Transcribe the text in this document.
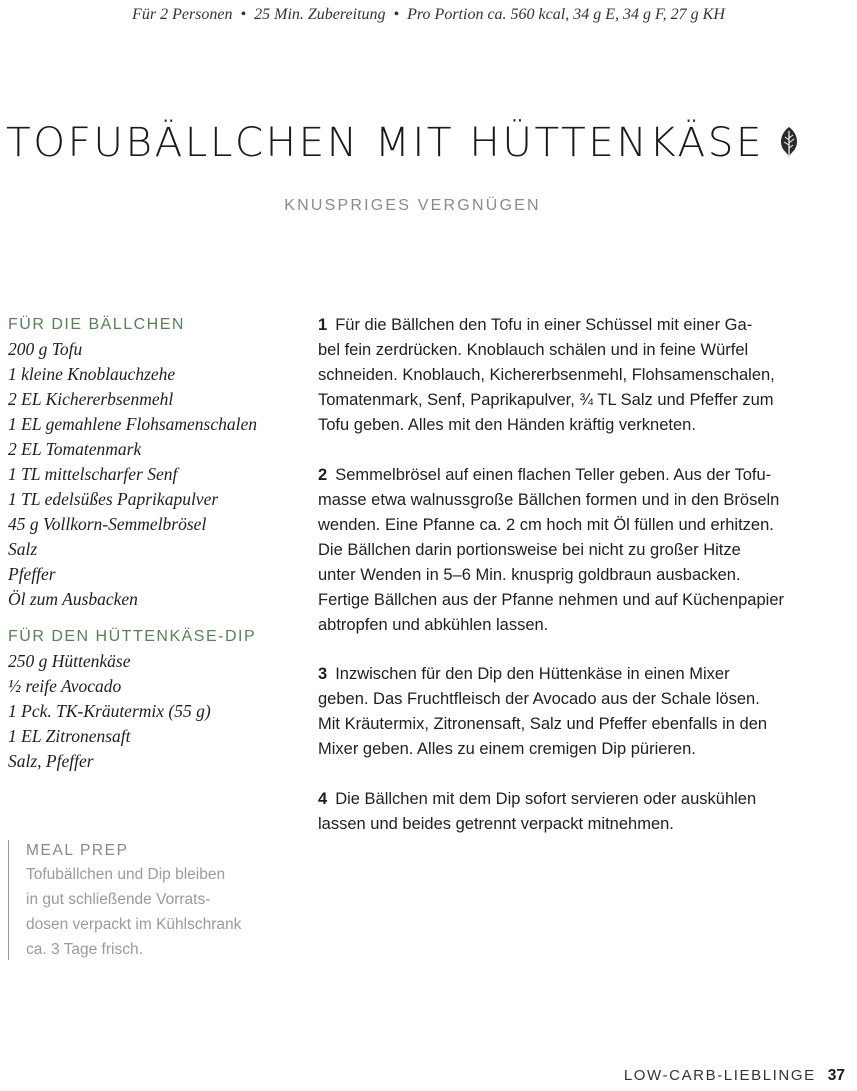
Für 2 Personen • 25 Min. Zubereitung • Pro Portion ca. 560 kcal, 34 g E, 34 g F, 27 g KH
TOFUBÄLLCHEN MIT HÜTTENKÄSE
KNUSPRIGES VERGNÜGEN
FÜR DIE BÄLLCHEN
200 g Tofu
1 kleine Knoblauchzehe
2 EL Kichererbsenmehl
1 EL gemahlene Flohsamenschalen
2 EL Tomatenmark
1 TL mittelscharfer Senf
1 TL edelsüßes Paprikapulver
45 g Vollkorn-Semmelbrösel
Salz
Pfeffer
Öl zum Ausbacken
FÜR DEN HÜTTENKÄSE-DIP
250 g Hüttenkäse
½ reife Avocado
1 Pck. TK-Kräutermix (55 g)
1 EL Zitronensaft
Salz, Pfeffer
MEAL PREP
Tofubällchen und Dip bleiben
in gut schließende Vorrats-
dosen verpackt im Kühlschrank
ca. 3 Tage frisch.
1 Für die Bällchen den Tofu in einer Schüssel mit einer Ga-
bel fein zerdrücken. Knoblauch schälen und in feine Würfel
schneiden. Knoblauch, Kichererbsenmehl, Flohsamenschalen,
Tomatenmark, Senf, Paprikapulver, ¾ TL Salz und Pfeffer zum
Tofu geben. Alles mit den Händen kräftig verkneten.
2 Semmelbrösel auf einen flachen Teller geben. Aus der Tofu-
masse etwa walnussgroße Bällchen formen und in den Bröseln
wenden. Eine Pfanne ca. 2 cm hoch mit Öl füllen und erhitzen.
Die Bällchen darin portionsweise bei nicht zu großer Hitze
unter Wenden in 5–6 Min. knusprig goldbraun ausbacken.
Fertige Bällchen aus der Pfanne nehmen und auf Küchenpapier
abtropfen und abkühlen lassen.
3 Inzwischen für den Dip den Hüttenkäse in einen Mixer
geben. Das Fruchtfleisch der Avocado aus der Schale lösen.
Mit Kräutermix, Zitronensaft, Salz und Pfeffer ebenfalls in den
Mixer geben. Alles zu einem cremigen Dip pürieren.
4 Die Bällchen mit dem Dip sofort servieren oder auskühlen
lassen und beides getrennt verpackt mitnehmen.
LOW-CARB-LIEBLINGE 37
